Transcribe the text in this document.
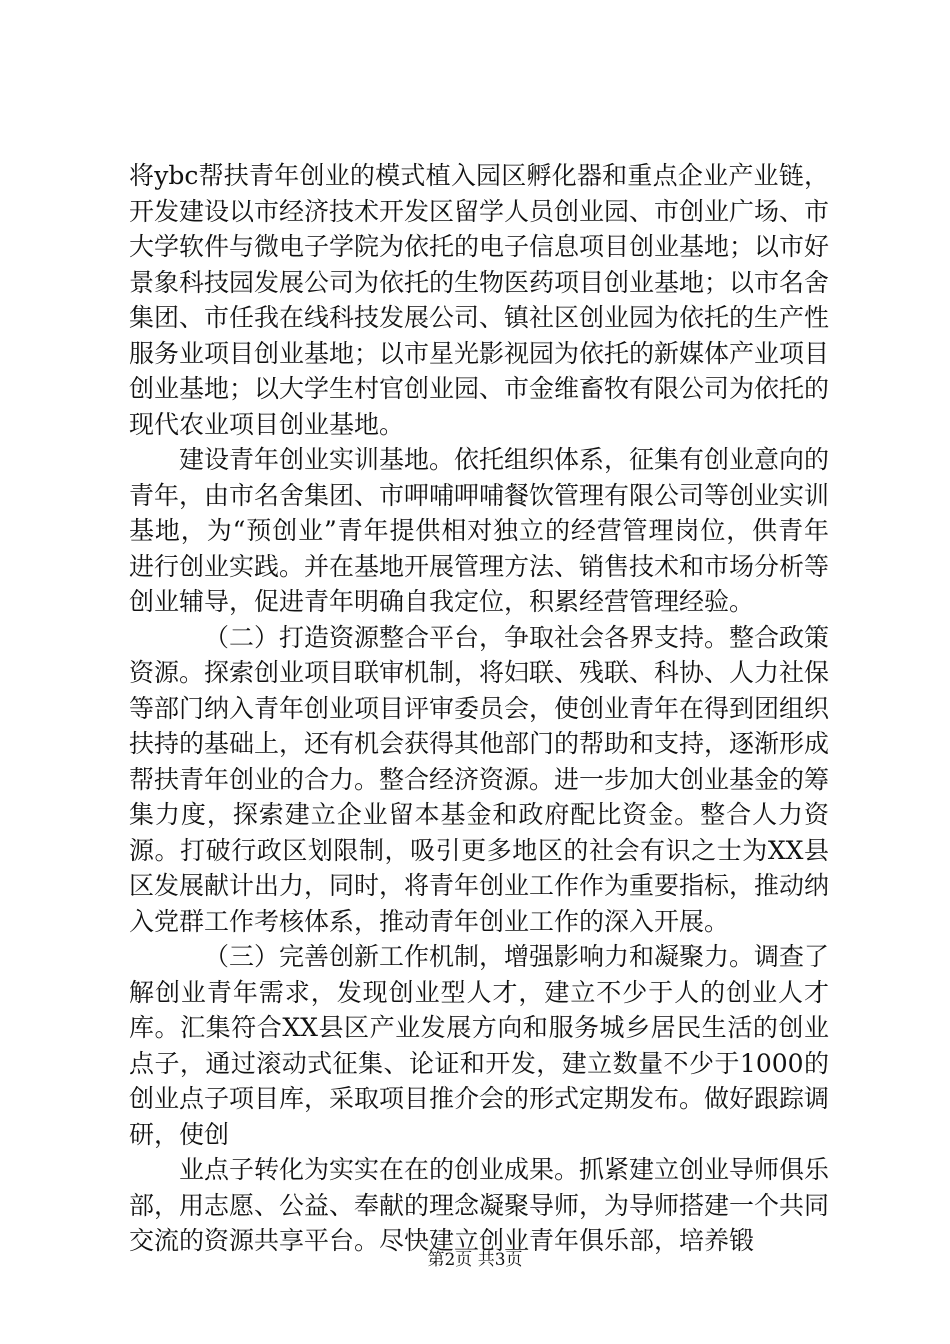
将ybc帮扶青年创业的模式植入园区孵化器和重点企业产业链，开发建设以市经济技术开发区留学人员创业园、市创业广场、市大学软件与微电子学院为依托的电子信息项目创业基地；以市好景象科技园发展公司为依托的生物医药项目创业基地；以市名舍集团、市任我在线科技发展公司、镇社区创业园为依托的生产性服务业项目创业基地；以市星光影视园为依托的新媒体产业项目创业基地；以大学生村官创业园、市金维畜牧有限公司为依托的现代农业项目创业基地。

建设青年创业实训基地。依托组织体系，征集有创业意向的青年，由市名舍集团、市呷哺呷哺餐饮管理有限公司等创业实训基地，为“预创业”青年提供相对独立的经营管理岗位，供青年进行创业实践。并在基地开展管理方法、销售技术和市场分析等创业辅导，促进青年明确自我定位，积累经营管理经验。

（二）打造资源整合平台，争取社会各界支持。整合政策资源。探索创业项目联审机制，将妇联、残联、科协、人力社保等部门纳入青年创业项目评审委员会，使创业青年在得到团组织扶持的基础上，还有机会获得其他部门的帮助和支持，逐渐形成帮扶青年创业的合力。整合经济资源。进一步加大创业基金的筹集力度，探索建立企业留本基金和政府配比资金。整合人力资源。打破行政区划限制，吸引更多地区的社会有识之士为XX县区发展献计出力，同时，将青年创业工作作为重要指标，推动纳入党群工作考核体系，推动青年创业工作的深入开展。

（三）完善创新工作机制，增强影响力和凝聚力。调查了解创业青年需求，发现创业型人才，建立不少于人的创业人才库。汇集符合XX县区产业发展方向和服务城乡居民生活的创业点子，通过滚动式征集、论证和开发，建立数量不少于1000的创业点子项目库，采取项目推介会的形式定期发布。做好跟踪调研，使创

业点子转化为实实在在的创业成果。抓紧建立创业导师俱乐部，用志愿、公益、奉献的理念凝聚导师，为导师搭建一个共同交流的资源共享平台。尽快建立创业青年俱乐部，培养锻

第2页 共3页
